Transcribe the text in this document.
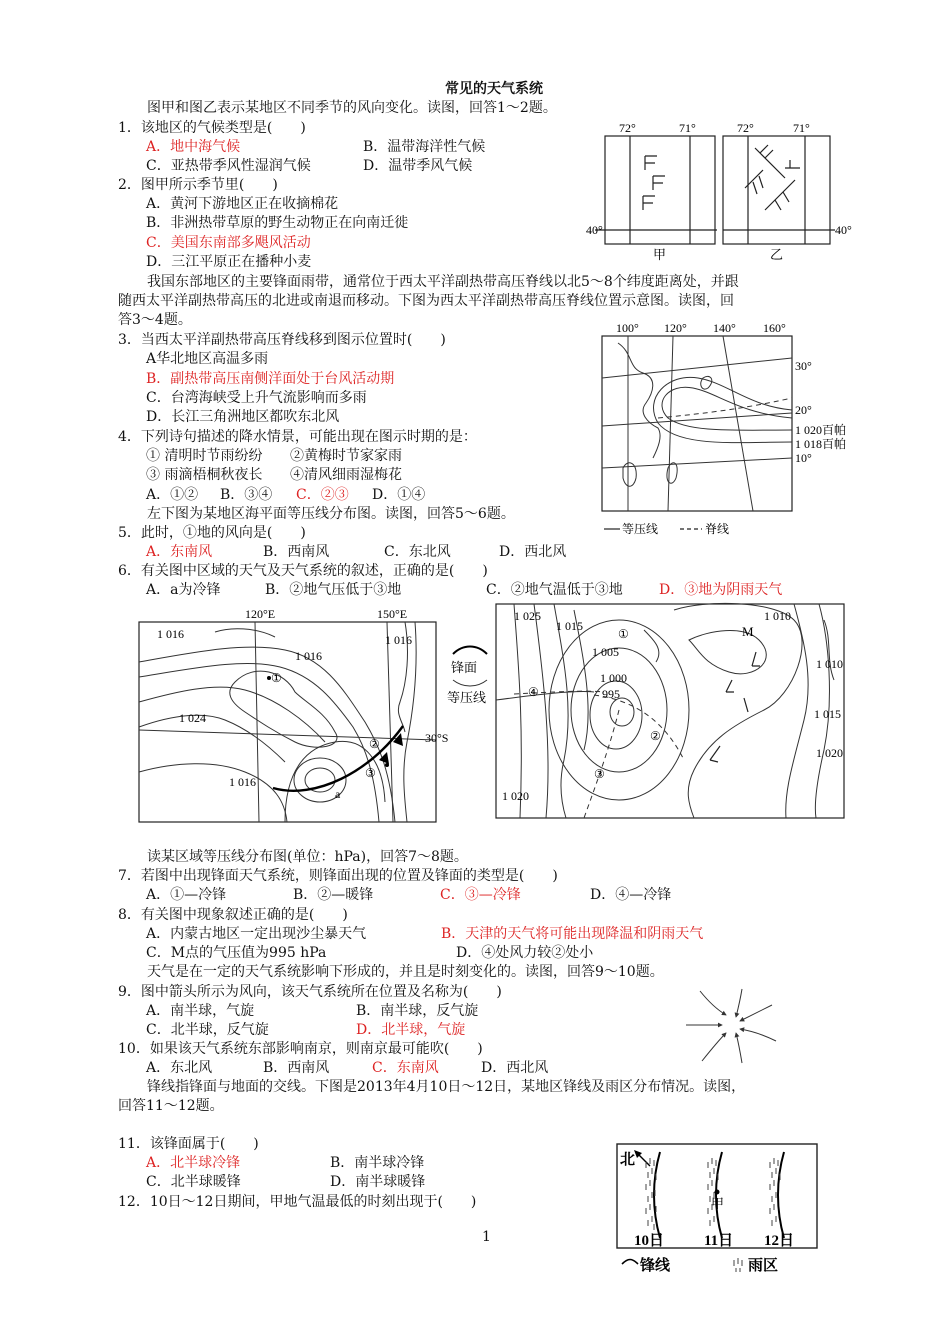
常见的天气系统
图甲和图乙表示某地区不同季节的风向变化。读图，回答1～2题。
1．该地区的气候类型是(　　)
A．地中海气候	B．温带海洋性气候
C．亚热带季风性湿润气候	D．温带季风气候
2．图甲所示季节里(　　)
A．黄河下游地区正在收摘棉花
B．非洲热带草原的野生动物正在向南迁徙
C．美国东南部多飓风活动
D．三江平原正在播种小麦
我国东部地区的主要锋面雨带，通常位于西太平洋副热带高压脊线以北5～8个纬度距离处，并跟
随西太平洋副热带高压的北进或南退而移动。下图为西太平洋副热带高压脊线位置示意图。读图，回
答3～4题。
3．当西太平洋副热带高压脊线移到图示位置时(　　)
A华北地区高温多雨
B．副热带高压南侧洋面处于台风活动期
C．台湾海峡受上升气流影响而多雨
D．长江三角洲地区都吹东北风
4．下列诗句描述的降水情景，可能出现在图示时期的是：
① 清明时节雨纷纷 ②黄梅时节家家雨
③ 雨滴梧桐秋夜长 ④清风细雨湿梅花
A．①② B．③④ C．②③ D．①④
左下图为某地区海平面等压线分布图。读图，回答5～6题。
5．此时，①地的风向是(　　)
A．东南风	B．西南风	C．东北风	D．西北风
6．有关图中区域的天气及天气系统的叙述，正确的是(　　)
A．a为冷锋	B．②地气压低于③地	C．②地气温低于③地	D．③地为阴雨天气
读某区域等压线分布图(单位：hPa)，回答7～8题。
7．若图中出现锋面天气系统，则锋面出现的位置及锋面的类型是(　　)
A．①—冷锋	B．②—暖锋	C．③—冷锋	D．④—冷锋
8．有关图中现象叙述正确的是(　　)
A．内蒙古地区一定出现沙尘暴天气	B．天津的天气将可能出现降温和阴雨天气
C．M点的气压值为995 hPa	D．④处风力较②处小
天气是在一定的天气系统影响下形成的，并且是时刻变化的。读图，回答9～10题。
9．图中箭头所示为风向，该天气系统所在位置及名称为(　　)
A．南半球，气旋	B．南半球，反气旋
C．北半球，反气旋	D．北半球，气旋
10．如果该天气系统东部影响南京，则南京最可能吹(　　)
A．东北风	B．西南风	C．东南风	D．西北风
锋线指锋面与地面的交线。下图是2013年4月10日～12日，某地区锋线及雨区分布情况。读图，
回答11～12题。
11．该锋面属于(　　)
A．北半球冷锋	B．南半球冷锋
C．北半球暖锋	D．南半球暖锋
12．10日～12日期间，甲地气温最低的时刻出现于(　　)
1
72°	71°	72°	71°
40°	40°
甲	乙
100° 120° 140° 160°
30°
20°
1 020百帕
1 018百帕
10°
等压线	脊线
120°E	150°E
30°S
1 016
1 016
1 016
1 016
1 024
①
②
③
a
锋面
等压线
1 025
1 015
1 010
M
1 005
1 000
995
1 010
1 015
1 020
1 020
④
②
③
①
北
甲
10日	11日 12日
锋线	雨区
